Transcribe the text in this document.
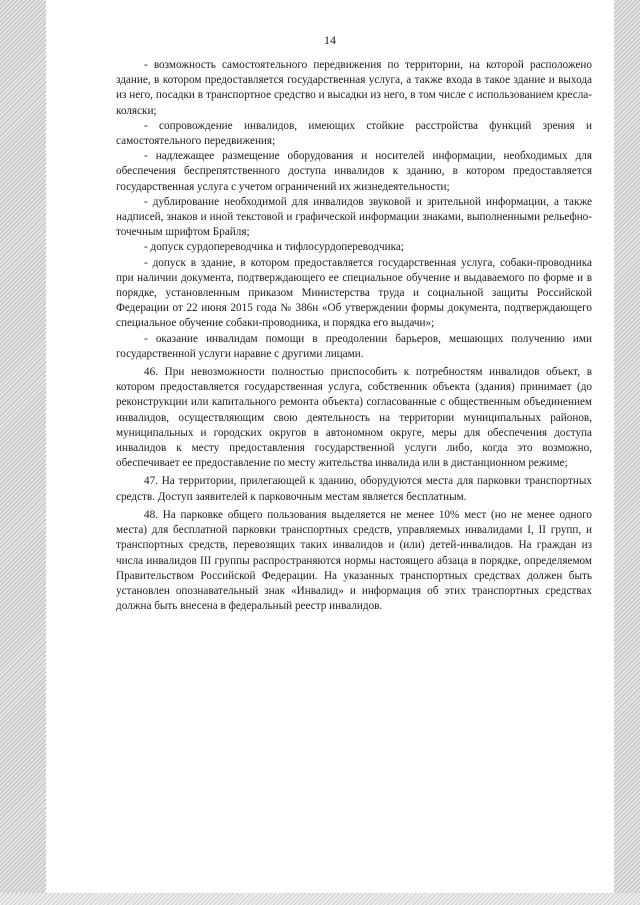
14

- возможность самостоятельного передвижения по территории, на которой расположено здание, в котором предоставляется государственная услуга, а также входа в такое здание и выхода из него, посадки в транспортное средство и высадки из него, в том числе с использованием кресла-коляски;

- сопровождение инвалидов, имеющих стойкие расстройства функций зрения и самостоятельного передвижения;

- надлежащее размещение оборудования и носителей информации, необходимых для обеспечения беспрепятственного доступа инвалидов к зданию, в котором предоставляется государственная услуга с учетом ограничений их жизнедеятельности;

- дублирование необходимой для инвалидов звуковой и зрительной информации, а также надписей, знаков и иной текстовой и графической информации знаками, выполненными рельефно-точечным шрифтом Брайля;

- допуск сурдопереводчика и тифлосурдопереводчика;

- допуск в здание, в котором предоставляется государственная услуга, собаки-проводника при наличии документа, подтверждающего ее специальное обучение и выдаваемого по форме и в порядке, установленным приказом Министерства труда и социальной защиты Российской Федерации от 22 июня 2015 года № 386н «Об утверждении формы документа, подтверждающего специальное обучение собаки-проводника, и порядка его выдачи»;

- оказание инвалидам помощи в преодолении барьеров, мешающих получению ими государственной услуги наравне с другими лицами.

46. При невозможности полностью приспособить к потребностям инвалидов объект, в котором предоставляется государственная услуга, собственник объекта (здания) принимает (до реконструкции или капитального ремонта объекта) согласованные с общественным объединением инвалидов, осуществляющим свою деятельность на территории муниципальных районов, муниципальных и городских округов в автономном округе, меры для обеспечения доступа инвалидов к месту предоставления государственной услуги либо, когда это возможно, обеспечивает ее предоставление по месту жительства инвалида или в дистанционном режиме;

47. На территории, прилегающей к зданию, оборудуются места для парковки транспортных средств. Доступ заявителей к парковочным местам является бесплатным.

48. На парковке общего пользования выделяется не менее 10% мест (но не менее одного места) для бесплатной парковки транспортных средств, управляемых инвалидами I, II групп, и транспортных средств, перевозящих таких инвалидов и (или) детей-инвалидов. На граждан из числа инвалидов III группы распространяются нормы настоящего абзаца в порядке, определяемом Правительством Российской Федерации. На указанных транспортных средствах должен быть установлен опознавательный знак «Инвалид» и информация об этих транспортных средствах должна быть внесена в федеральный реестр инвалидов.
